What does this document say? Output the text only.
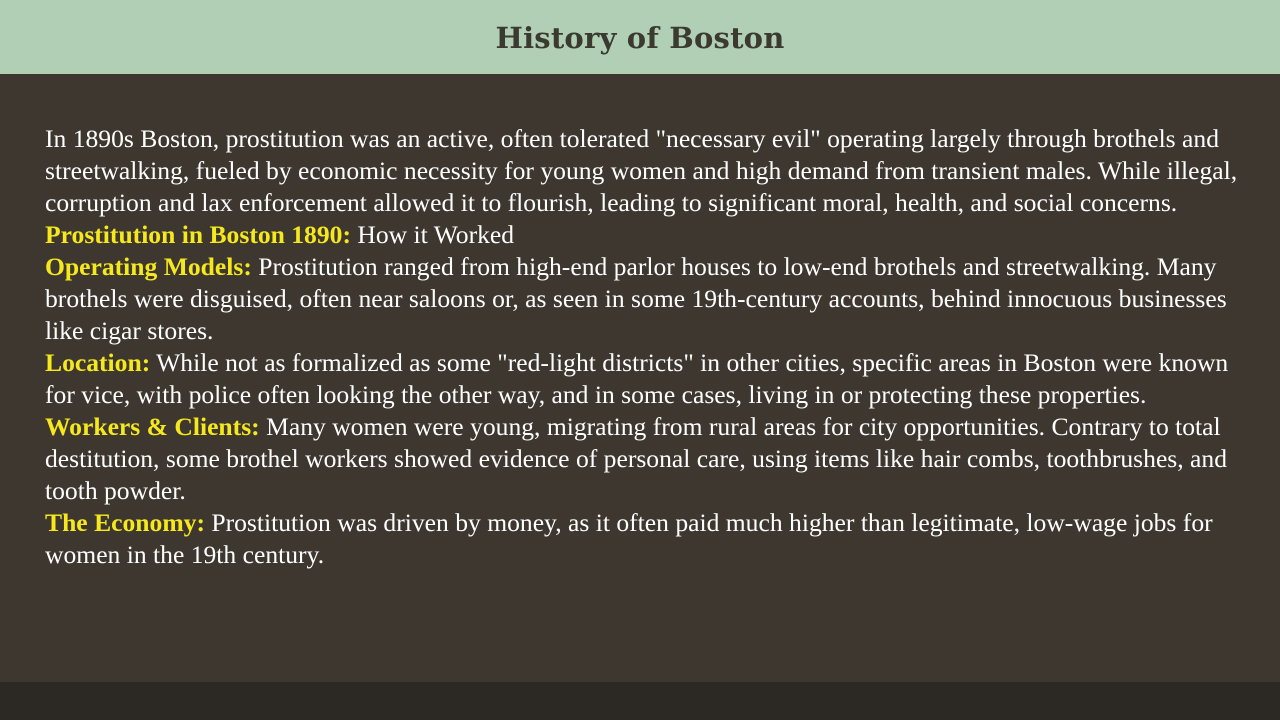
History of Boston

In 1890s Boston, prostitution was an active, often tolerated "necessary evil" operating largely through brothels and streetwalking, fueled by economic necessity for young women and high demand from transient males. While illegal, corruption and lax enforcement allowed it to flourish, leading to significant moral, health, and social concerns.

Prostitution in Boston 1890: How it Worked

Operating Models: Prostitution ranged from high-end parlor houses to low-end brothels and streetwalking. Many brothels were disguised, often near saloons or, as seen in some 19th-century accounts, behind innocuous businesses like cigar stores.

Location: While not as formalized as some "red-light districts" in other cities, specific areas in Boston were known for vice, with police often looking the other way, and in some cases, living in or protecting these properties.

Workers & Clients: Many women were young, migrating from rural areas for city opportunities. Contrary to total destitution, some brothel workers showed evidence of personal care, using items like hair combs, toothbrushes, and tooth powder.

The Economy: Prostitution was driven by money, as it often paid much higher than legitimate, low-wage jobs for women in the 19th century.
